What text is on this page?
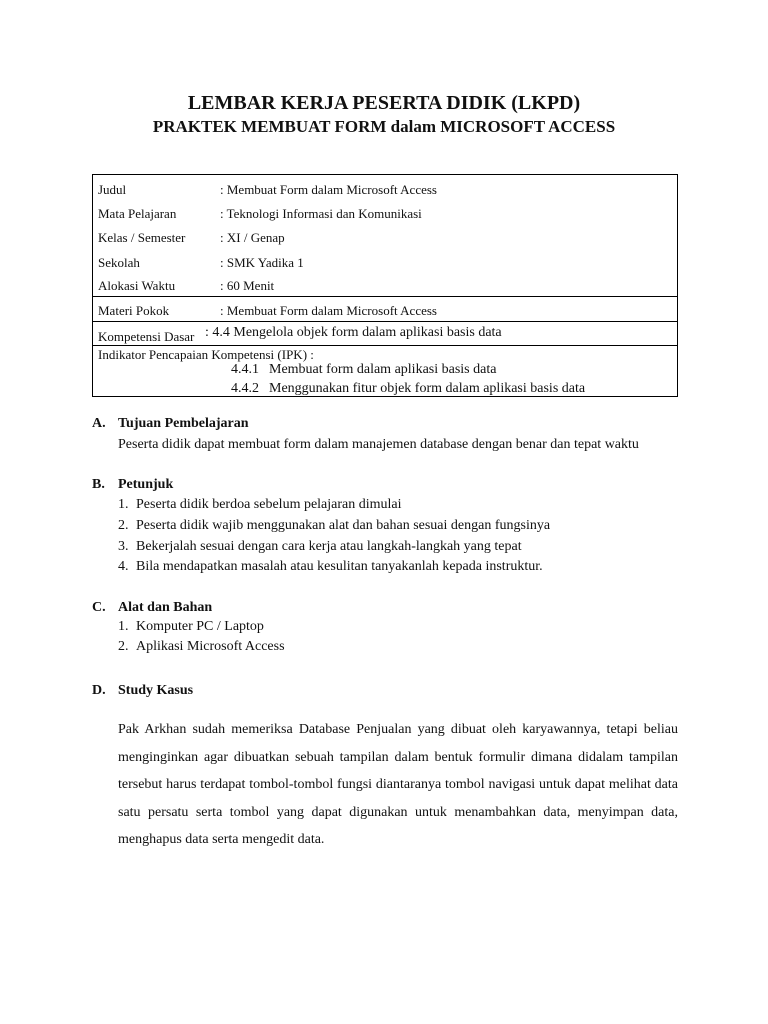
LEMBAR KERJA PESERTA DIDIK (LKPD)
PRAKTEK MEMBUAT FORM dalam MICROSOFT ACCESS
Judul	: Membuat Form dalam Microsoft Access
Mata Pelajaran	: Teknologi Informasi dan Komunikasi
Kelas / Semester	: XI / Genap
Sekolah	: SMK Yadika 1
Alokasi Waktu	: 60 Menit
Materi Pokok	: Membuat Form dalam Microsoft Access
Kompetensi Dasar : 4.4 Mengelola objek form dalam aplikasi basis data
Indikator Pencapaian Kompetensi (IPK) :
4.4.1 Membuat form dalam aplikasi basis data
4.4.2 Menggunakan fitur objek form dalam aplikasi basis data
A. Tujuan Pembelajaran
Peserta didik dapat membuat form dalam manajemen database dengan benar dan tepat waktu
B. Petunjuk
1. Peserta didik berdoa sebelum pelajaran dimulai
2. Peserta didik wajib menggunakan alat dan bahan sesuai dengan fungsinya
3. Bekerjalah sesuai dengan cara kerja atau langkah-langkah yang tepat
4. Bila mendapatkan masalah atau kesulitan tanyakanlah kepada instruktur.
C. Alat dan Bahan
1. Komputer PC / Laptop
2. Aplikasi Microsoft Access
D. Study Kasus

Pak Arkhan sudah memeriksa Database Penjualan yang dibuat oleh karyawannya, tetapi beliau menginginkan agar dibuatkan sebuah tampilan dalam bentuk formulir dimana didalam tampilan tersebut harus terdapat tombol-tombol fungsi diantaranya tombol navigasi untuk dapat melihat data satu persatu serta tombol yang dapat digunakan untuk menambahkan data, menyimpan data, menghapus data serta mengedit data.
